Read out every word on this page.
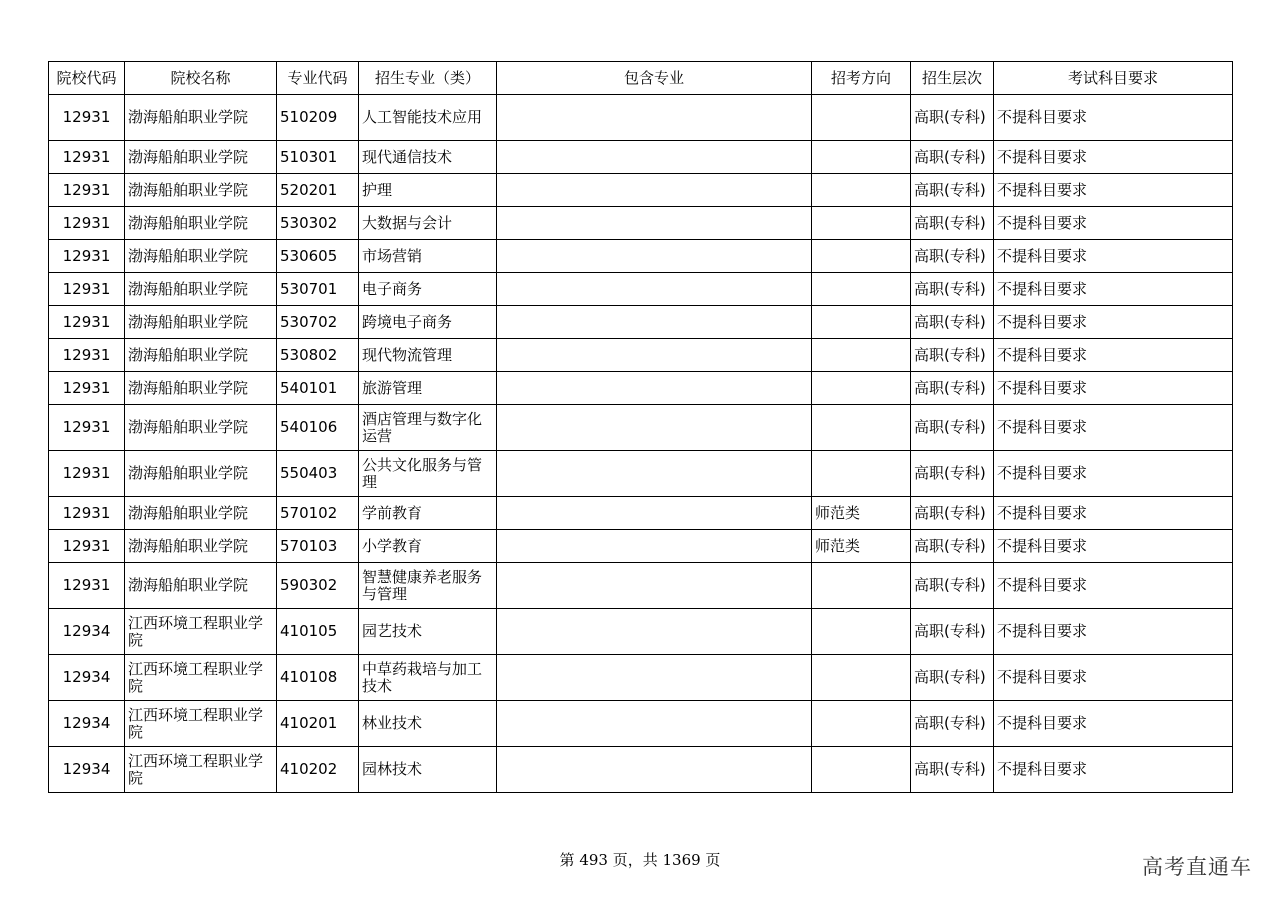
院校代码	院校名称	专业代码	招生专业（类）	包含专业	招考方向	招生层次	考试科目要求
12931	渤海船舶职业学院	510209	人工智能技术应用			高职(专科)	不提科目要求
12931	渤海船舶职业学院	510301	现代通信技术			高职(专科)	不提科目要求
12931	渤海船舶职业学院	520201	护理			高职(专科)	不提科目要求
12931	渤海船舶职业学院	530302	大数据与会计			高职(专科)	不提科目要求
12931	渤海船舶职业学院	530605	市场营销			高职(专科)	不提科目要求
12931	渤海船舶职业学院	530701	电子商务			高职(专科)	不提科目要求
12931	渤海船舶职业学院	530702	跨境电子商务			高职(专科)	不提科目要求
12931	渤海船舶职业学院	530802	现代物流管理			高职(专科)	不提科目要求
12931	渤海船舶职业学院	540101	旅游管理			高职(专科)	不提科目要求
12931	渤海船舶职业学院	540106	酒店管理与数字化运营			高职(专科)	不提科目要求
12931	渤海船舶职业学院	550403	公共文化服务与管理			高职(专科)	不提科目要求
12931	渤海船舶职业学院	570102	学前教育		师范类	高职(专科)	不提科目要求
12931	渤海船舶职业学院	570103	小学教育		师范类	高职(专科)	不提科目要求
12931	渤海船舶职业学院	590302	智慧健康养老服务与管理			高职(专科)	不提科目要求
12934	江西环境工程职业学院	410105	园艺技术			高职(专科)	不提科目要求
12934	江西环境工程职业学院	410108	中草药栽培与加工技术			高职(专科)	不提科目要求
12934	江西环境工程职业学院	410201	林业技术			高职(专科)	不提科目要求
12934	江西环境工程职业学院	410202	园林技术			高职(专科)	不提科目要求
第 493 页，共 1369 页	高考直通车
